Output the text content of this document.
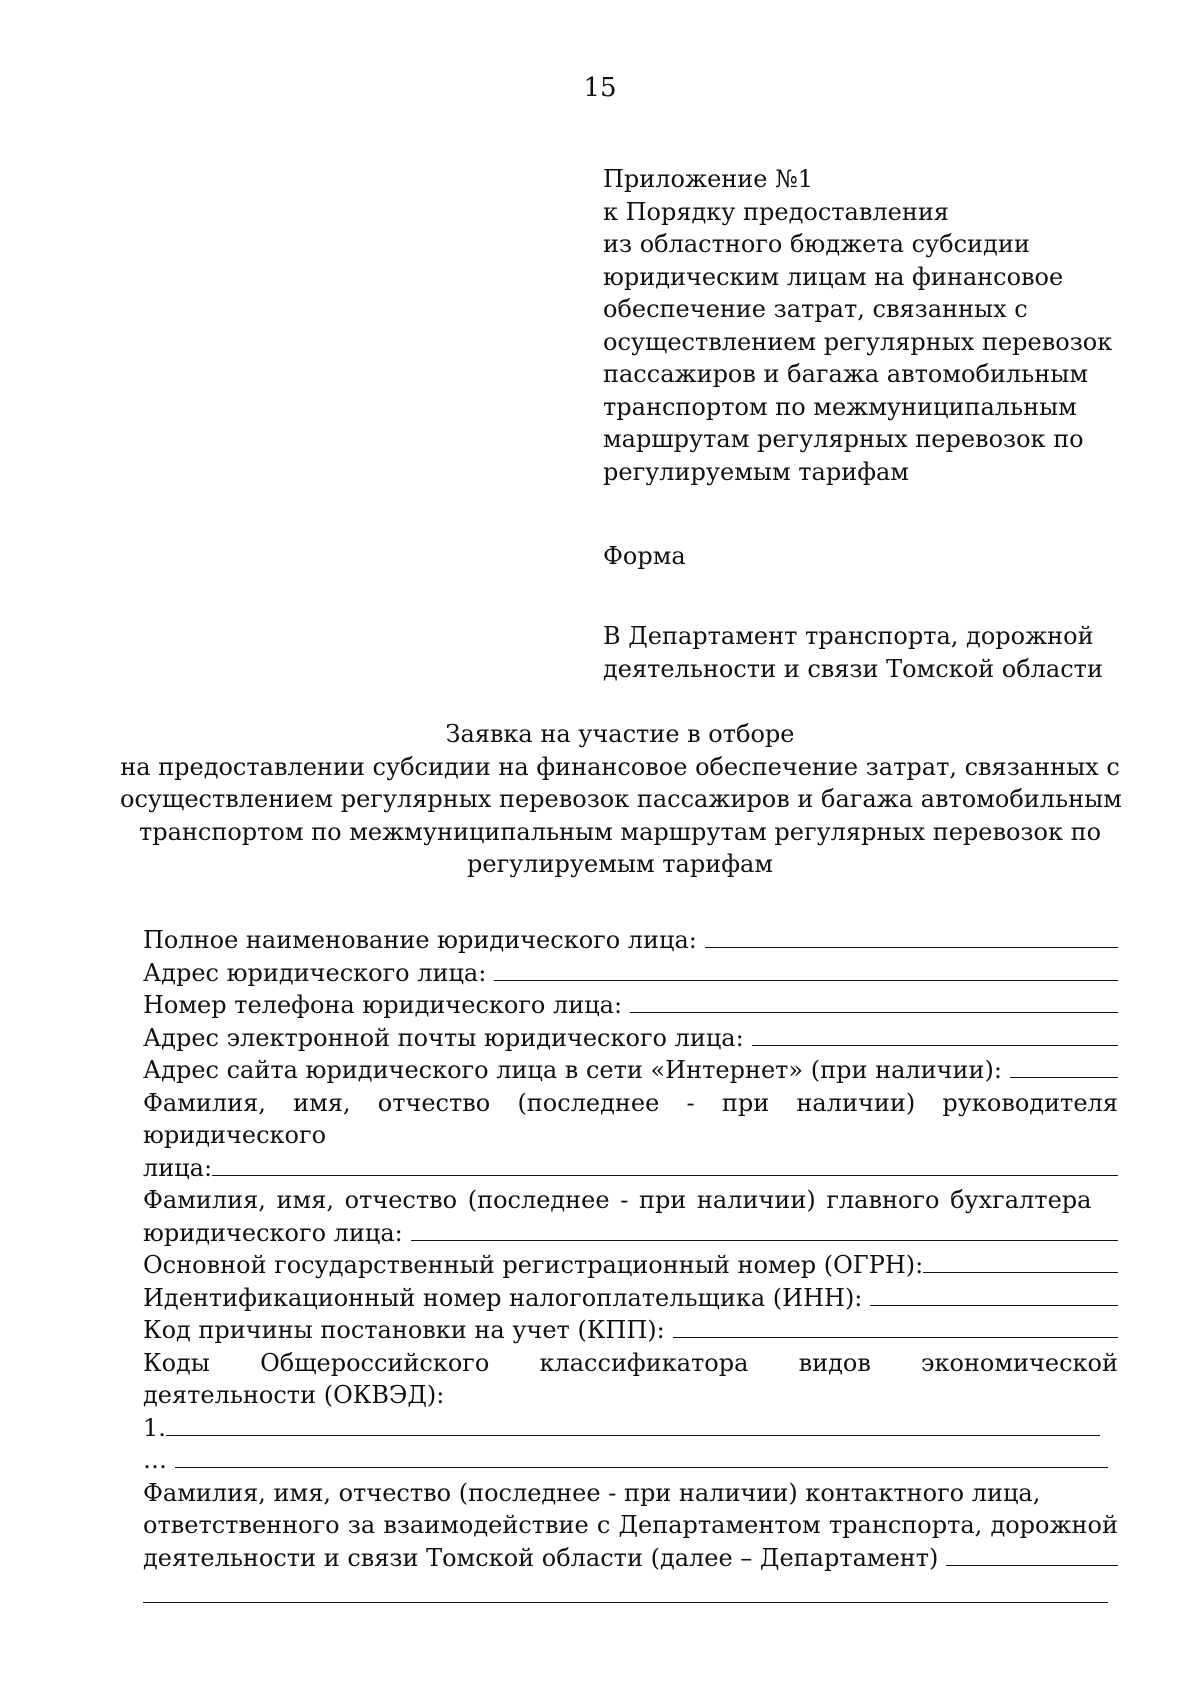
15
Приложение №1
к Порядку предоставления
из областного бюджета субсидии
юридическим лицам на финансовое
обеспечение затрат, связанных с
осуществлением регулярных перевозок
пассажиров и багажа автомобильным
транспортом по межмуниципальным
маршрутам регулярных перевозок по
регулируемым тарифам
Форма
В Департамент транспорта, дорожной
деятельности и связи Томской области
Заявка на участие в отборе
на предоставлении субсидии на финансовое обеспечение затрат, связанных с
осуществлением регулярных перевозок пассажиров и багажа автомобильным
транспортом по межмуниципальным маршрутам регулярных перевозок по
регулируемым тарифам
Полное наименование юридического лица:
Адрес юридического лица:
Номер телефона юридического лица:
Адрес электронной почты юридического лица:
Адрес сайта юридического лица в сети «Интернет» (при наличии):
Фамилия, имя, отчество (последнее - при наличии) руководителя
юридического
лица:
Фамилия, имя, отчество (последнее - при наличии) главного бухгалтера
юридического лица:
Основной государственный регистрационный номер (ОГРН):
Идентификационный номер налогоплательщика (ИНН):
Код причины постановки на учет (КПП):
Коды Общероссийского классификатора видов экономической
деятельности (ОКВЭД):
1.
…
Фамилия, имя, отчество (последнее - при наличии) контактного лица,
ответственного за взаимодействие с Департаментом транспорта, дорожной
деятельности и связи Томской области (далее – Департамент)
